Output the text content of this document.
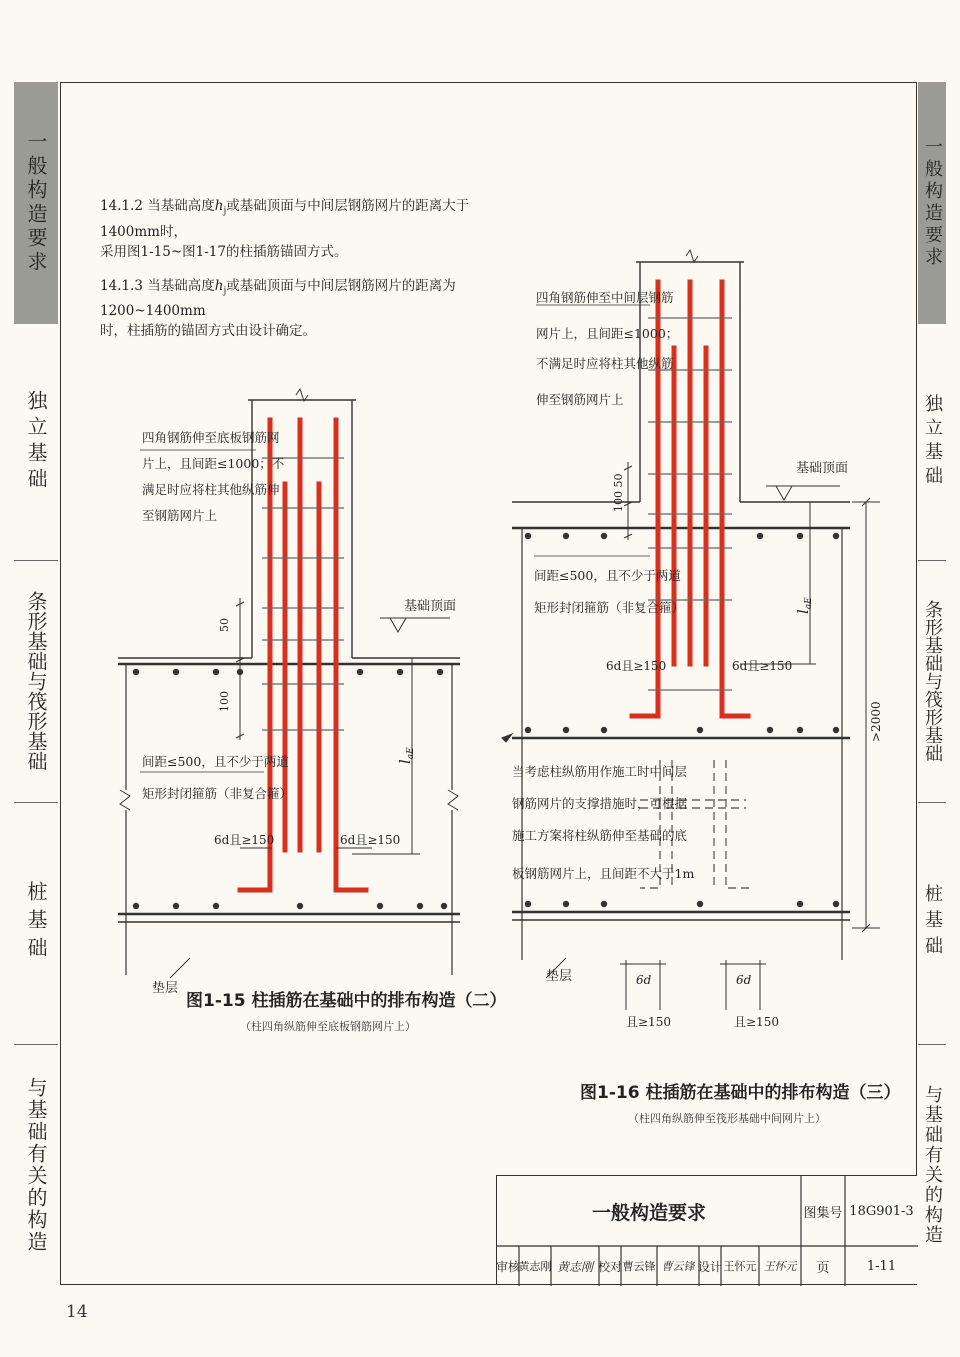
一般构造要求
独立基础
条形基础与筏形基础
桩基础
与基础有关的构造
一般构造要求
独立基础
条形基础与筏形基础
桩基础
与基础有关的构造

14.1.2 当基础高度$h_j$或基础顶面与中间层钢筋网片的距离大于1400mm时，
采用图1-15~图1-17的柱插筋锚固方式。

14.1.3 当基础高度$h_j$或基础顶面与中间层钢筋网片的距离为1200~1400mm
时，柱插筋的锚固方式由设计确定。

50
100
基础顶面
$l_{aE}$
四角钢筋伸至底板钢筋网
片上，且间距≤1000；不
满足时应将柱其他纵筋伸
至钢筋网片上
间距≤500，且不少于两道
矩形封闭箍筋（非复合箍）
6d且≥150	6d且≥150
垫层
图1-15 柱插筋在基础中的排布构造（二）
（柱四角纵筋伸至底板钢筋网片上）
100 50
基础顶面
$l_{aE}$
>2000
四角钢筋伸至中间层钢筋
网片上，且间距≤1000；
不满足时应将柱其他纵筋
伸至钢筋网片上
间距≤500，且不少于两道
矩形封闭箍筋（非复合箍）
6d且≥150	6d且≥150
当考虑柱纵筋用作施工时中间层
钢筋网片的支撑措施时，可根据
施工方案将柱纵筋伸至基础的底
板钢筋网片上，且间距不大于1m
垫层	6d	6d
且≥150	且≥150
图1-16 柱插筋在基础中的排布构造（三）
（柱四角纵筋伸至筏形基础中间网片上）
一般构造要求	图集号 18G901-3
审核
黄志刚 黄志刚 校对 曹云锋 曹云锋 设计 王怀元 王怀元	页	1-11
14
